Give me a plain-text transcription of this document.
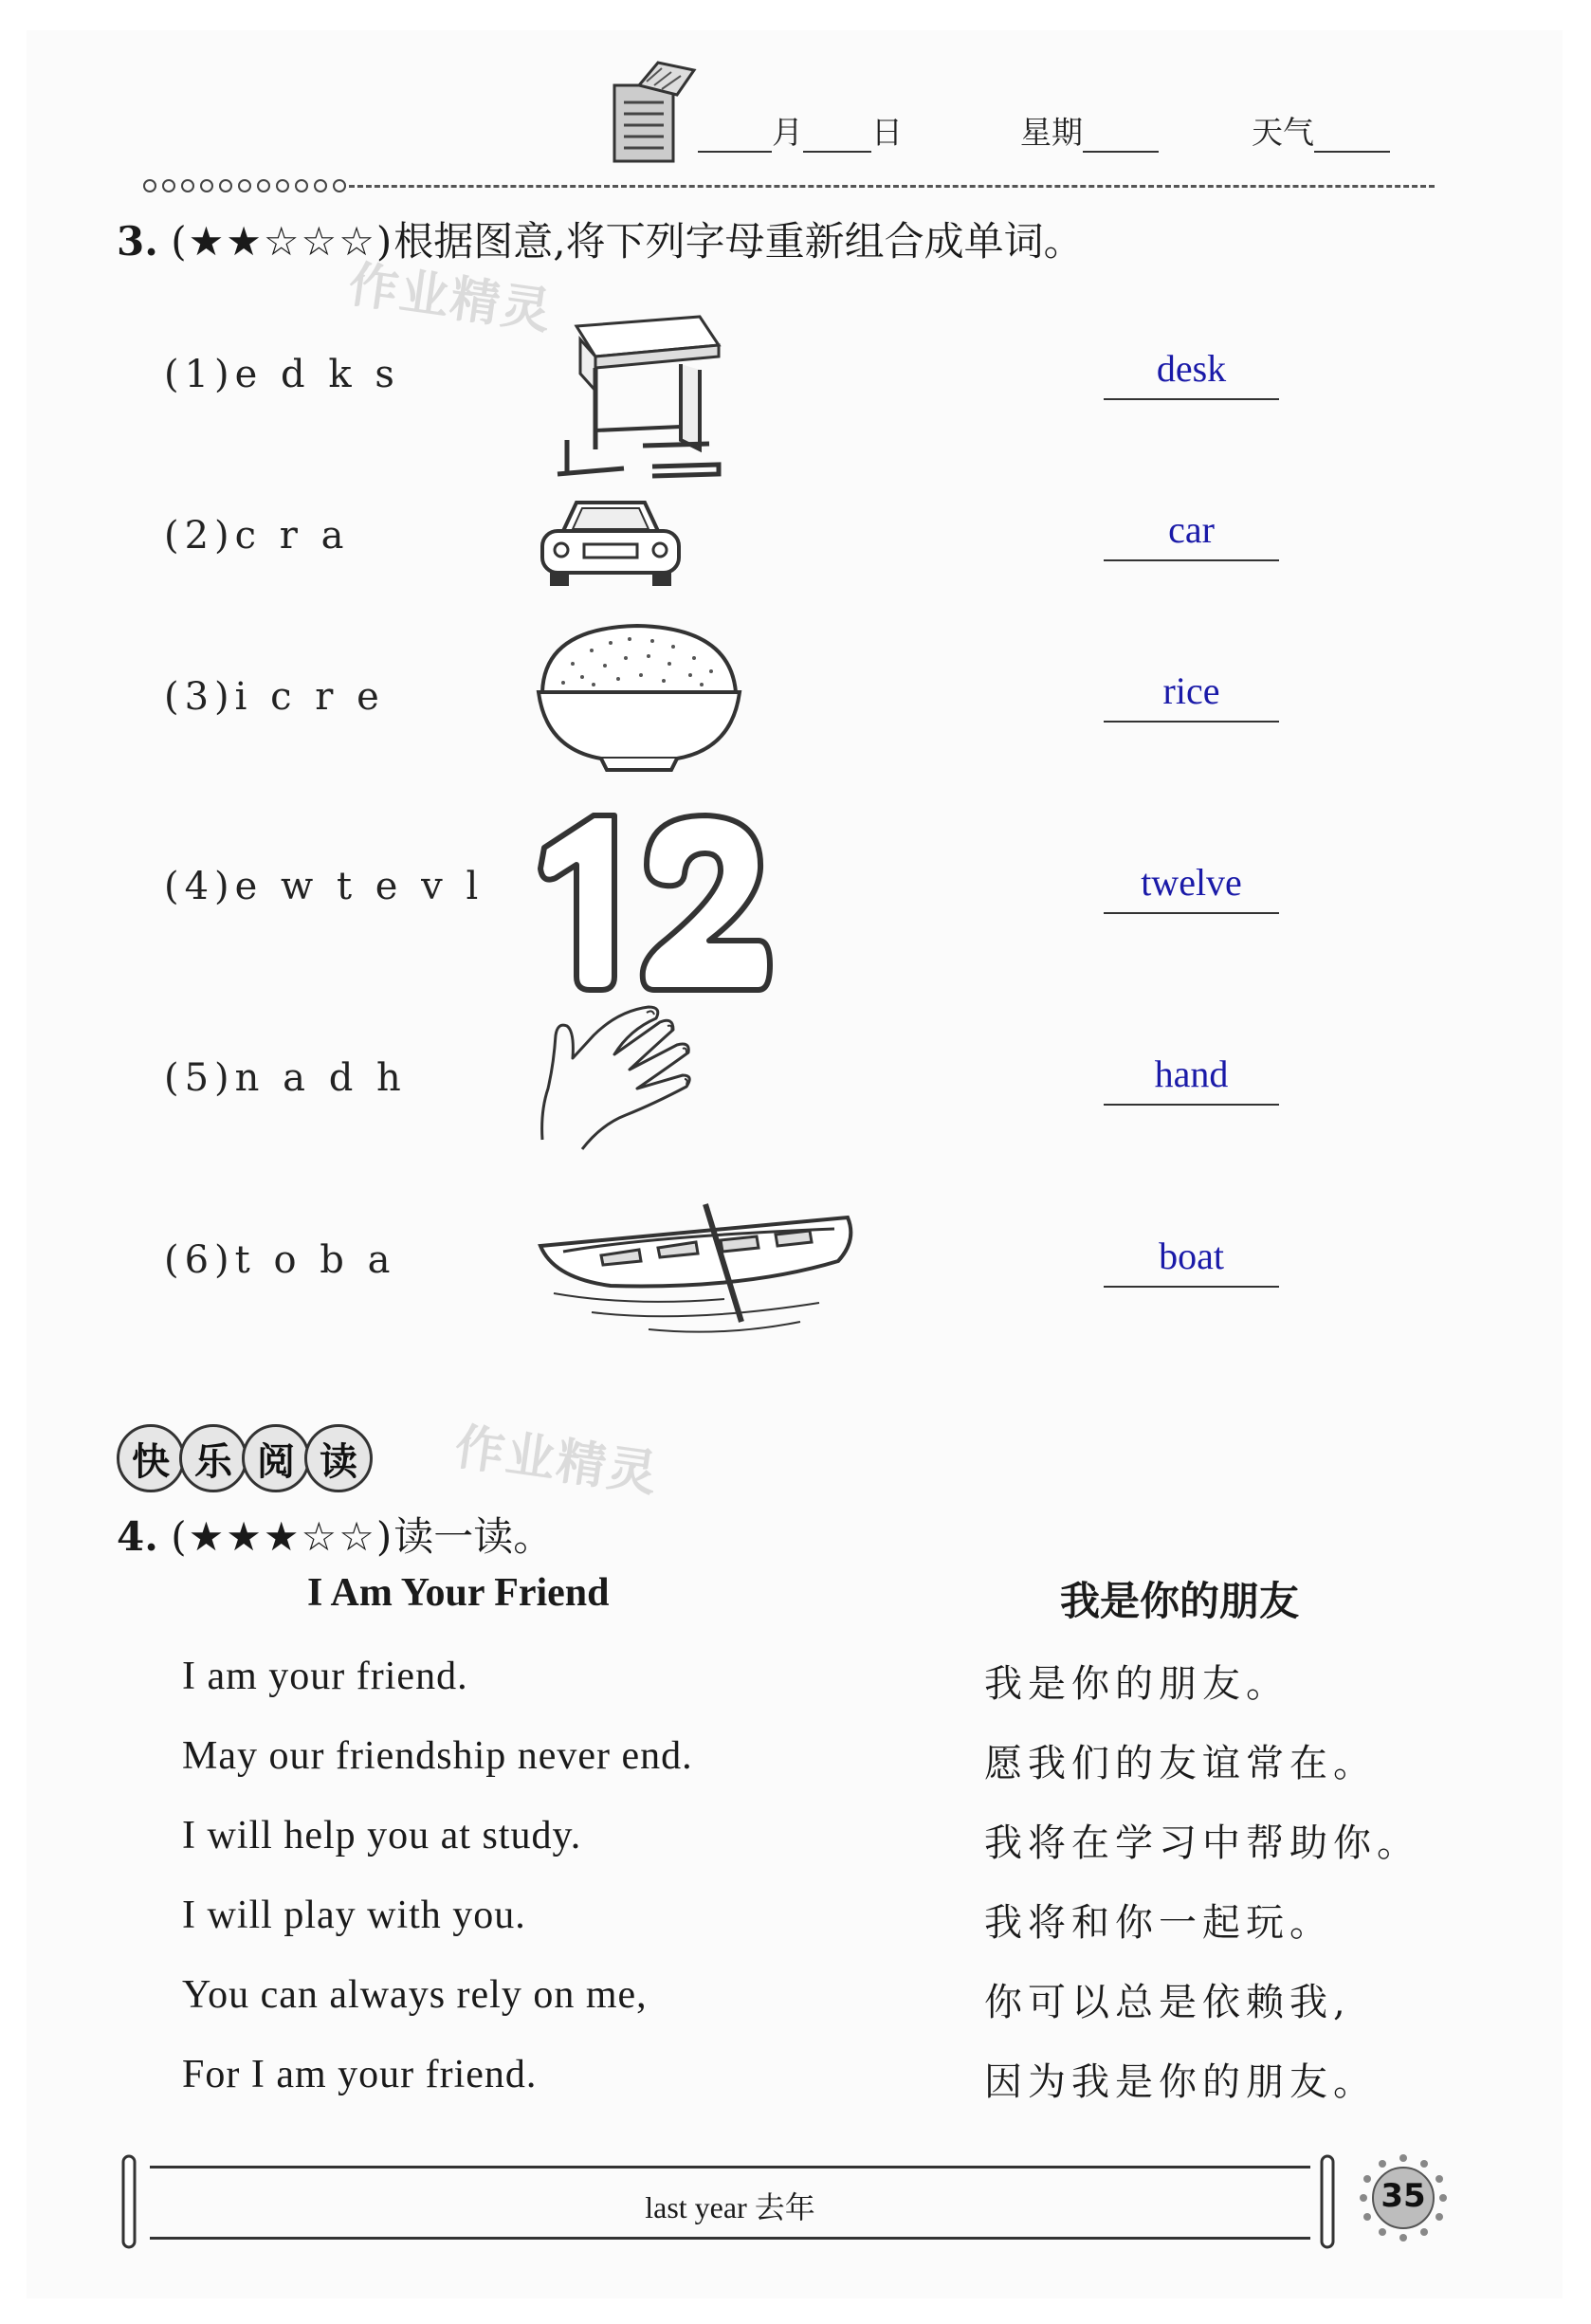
月 日	星期	天气
3. (★★☆☆☆)根据图意,将下列字母重新组合成单词。
作业精灵
(1)e d k s	desk
(2)c r a	car
(3)i c r e	rice
(4)e w t e v l	twelve
(5)n a d h	hand
(6)t o b a	boat
快 乐 阅 读	作业精灵
4. (★★★☆☆)读一读。
I Am Your Friend	我是你的朋友
I am your friend.
May our friendship never end.
I will help you at study.
I will play with you.
You can always rely on me,
For I am your friend.
我是你的朋友。
愿我们的友谊常在。
我将在学习中帮助你。
我将和你一起玩。
你可以总是依赖我,
因为我是你的朋友。
last year 去年	35
